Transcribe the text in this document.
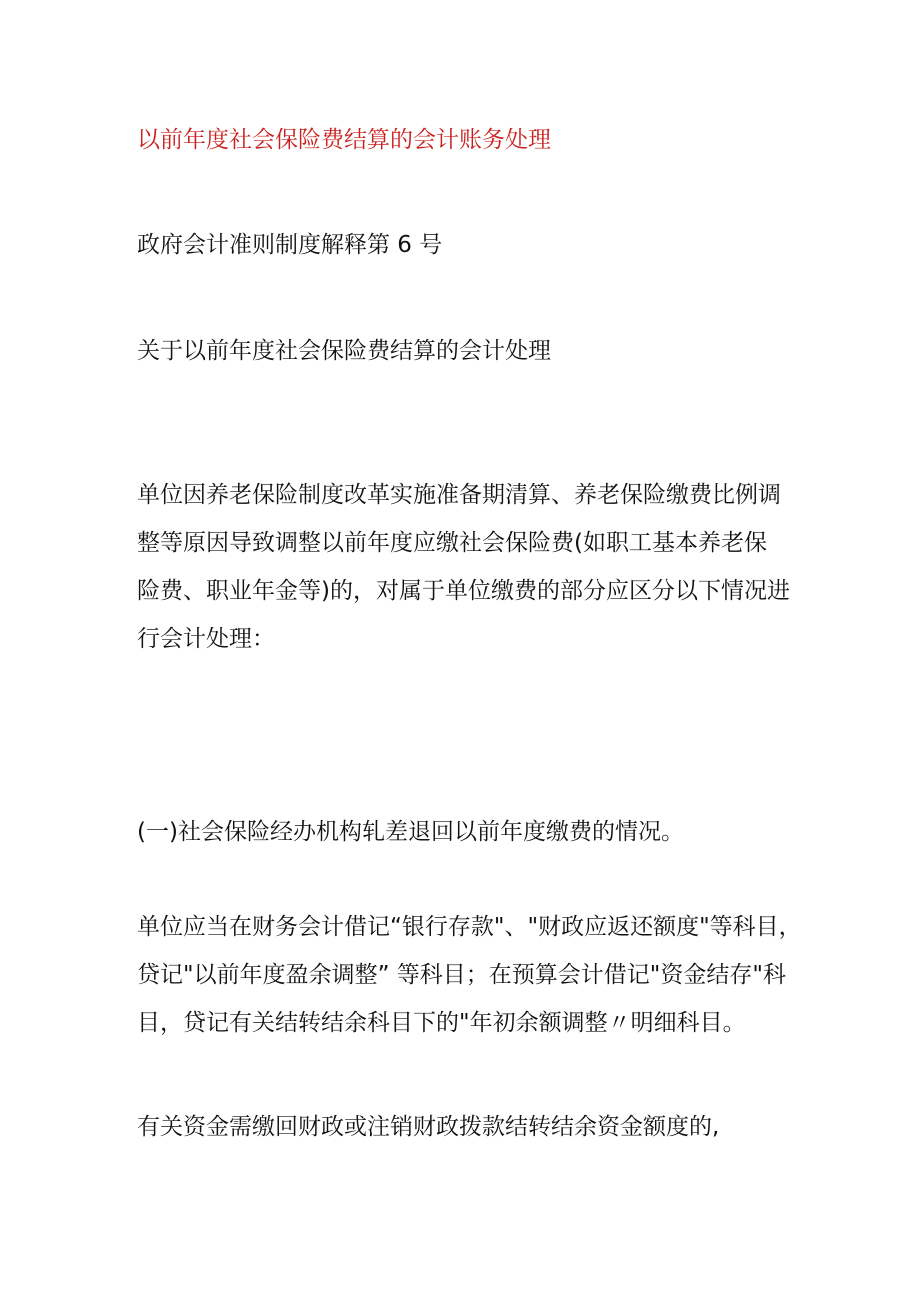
以前年度社会保险费结算的会计账务处理

政府会计准则制度解释第 6 号

关于以前年度社会保险费结算的会计处理

单位因养老保险制度改革实施准备期清算、养老保险缴费比例调

整等原因导致调整以前年度应缴社会保险费(如职工基本养老保

险费、职业年金等)的，对属于单位缴费的部分应区分以下情况进

行会计处理：

(一)社会保险经办机构轧差退回以前年度缴费的情况。

单位应当在财务会计借记“银行存款"、"财政应返还额度"等科目，

贷记"以前年度盈余调整” 等科目；在预算会计借记"资金结存"科

目，贷记有关结转结余科目下的"年初余额调整〃明细科目。

有关资金需缴回财政或注销财政拨款结转结余资金额度的,
